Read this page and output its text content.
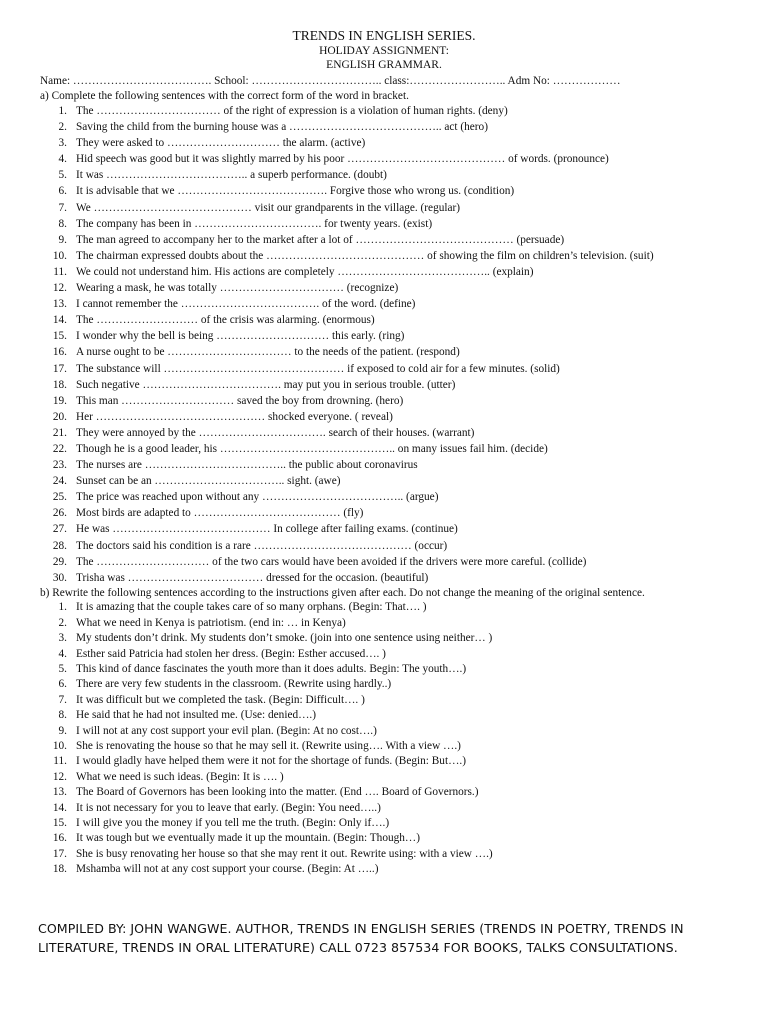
TRENDS IN ENGLISH SERIES.
HOLIDAY ASSIGNMENT:
ENGLISH GRAMMAR.
Name: ………………………………. School: …………………………….. class:…………………….. Adm No: ………………
a) Complete the following sentences with the correct form of the word in bracket.
1. The …………………………… of the right of expression is a violation of human rights. (deny)
2. Saving the child from the burning house was a ………………………………….. act (hero)
3. They were asked to ………………………… the alarm. (active)
4. Hid speech was good but it was slightly marred by his poor …………………………………… of words. (pronounce)
5. It was ……………………………….. a superb performance. (doubt)
6. It is advisable that we …………………………………. Forgive those who wrong us. (condition)
7. We …………………………………… visit our grandparents in the village. (regular)
8. The company has been in ……………………………. for twenty years. (exist)
9. The man agreed to accompany her to the market after a lot of …………………………………… (persuade)
10. The chairman expressed doubts about the …………………………………… of showing the film on children’s television. (suit)
11. We could not understand him. His actions are completely ………………………………….. (explain)
12. Wearing a mask, he was totally …………………………… (recognize)
13. I cannot remember the ………………………………. of the word. (define)
14. The ……………………… of the crisis was alarming. (enormous)
15. I wonder why the bell is being ………………………… this early. (ring)
16. A nurse ought to be …………………………… to the needs of the patient. (respond)
17. The substance will ………………………………………… if exposed to cold air for a few minutes. (solid)
18. Such negative ………………………………. may put you in serious trouble. (utter)
19. This man ………………………… saved the boy from drowning. (hero)
20. Her ……………………………………… shocked everyone. ( reveal)
21. They were annoyed by the ……………………………. search of their houses. (warrant)
22. Though he is a good leader, his ……………………………………….. on many issues fail him. (decide)
23. The nurses are ……………………………….. the public about coronavirus
24. Sunset can be an …………………………….. sight. (awe)
25. The price was reached upon without any ……………………………….. (argue)
26. Most birds are adapted to ………………………………… (fly)
27. He was …………………………………… In college after failing exams. (continue)
28. The doctors said his condition is a rare …………………………………… (occur)
29. The ………………………… of the two cars would have been avoided if the drivers were more careful. (collide)
30. Trisha was ……………………………… dressed for the occasion. (beautiful)
b) Rewrite the following sentences according to the instructions given after each. Do not change the meaning of the original sentence.
1. It is amazing that the couple takes care of so many orphans. (Begin: That…. )
2. What we need in Kenya is patriotism. (end in: … in Kenya)
3. My students don’t drink. My students don’t smoke. (join into one sentence using neither… )
4. Esther said Patricia had stolen her dress. (Begin: Esther accused…. )
5. This kind of dance fascinates the youth more than it does adults. Begin: The youth….)
6. There are very few students in the classroom. (Rewrite using hardly..)
7. It was difficult but we completed the task. (Begin: Difficult…. )
8. He said that he had not insulted me. (Use: denied….)
9. I will not at any cost support your evil plan. (Begin: At no cost….)
10. She is renovating the house so that he may sell it. (Rewrite using…. With a view ….)
11. I would gladly have helped them were it not for the shortage of funds. (Begin: But….)
12. What we need is such ideas. (Begin: It is …. )
13. The Board of Governors has been looking into the matter. (End …. Board of Governors.)
14. It is not necessary for you to leave that early. (Begin: You need…..)
15. I will give you the money if you tell me the truth. (Begin: Only if….)
16. It was tough but we eventually made it up the mountain. (Begin: Though…)
17. She is busy renovating her house so that she may rent it out. Rewrite using: with a view ….)
18. Mshamba will not at any cost support your course. (Begin: At …..)
COMPILED BY: JOHN WANGWE. AUTHOR, TRENDS IN ENGLISH SERIES (TRENDS IN POETRY, TRENDS IN LITERATURE, TRENDS IN ORAL LITERATURE) CALL 0723 857534 FOR BOOKS, TALKS CONSULTATIONS.
